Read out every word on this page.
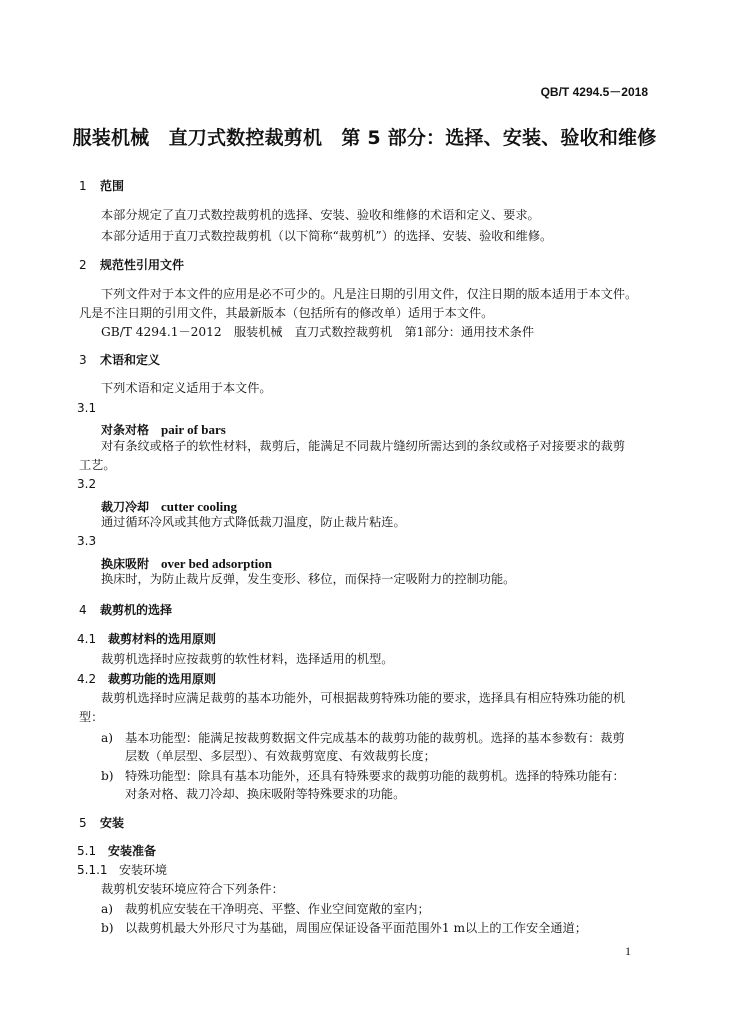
QB/T 4294.5－2018
服装机械　直刀式数控裁剪机　第 5 部分：选择、安装、验收和维修
1 范围
本部分规定了直刀式数控裁剪机的选择、安装、验收和维修的术语和定义、要求。
本部分适用于直刀式数控裁剪机（以下简称“裁剪机”）的选择、安装、验收和维修。
2 规范性引用文件
下列文件对于本文件的应用是必不可少的。凡是注日期的引用文件，仅注日期的版本适用于本文件。
凡是不注日期的引用文件，其最新版本（包括所有的修改单）适用于本文件。
GB/T 4294.1－2012　服装机械　直刀式数控裁剪机　第1部分：通用技术条件
3 术语和定义
下列术语和定义适用于本文件。
3.1
对条对格 pair of bars
对有条纹或格子的软性材料，裁剪后，能满足不同裁片缝纫所需达到的条纹或格子对接要求的裁剪
工艺。
3.2
裁刀冷却 cutter cooling
通过循环冷风或其他方式降低裁刀温度，防止裁片粘连。
3.3
换床吸附 over bed adsorption
换床时，为防止裁片反弹，发生变形、移位，而保持一定吸附力的控制功能。
4 裁剪机的选择
4.1 裁剪材料的选用原则
裁剪机选择时应按裁剪的软性材料，选择适用的机型。
4.2 裁剪功能的选用原则
裁剪机选择时应满足裁剪的基本功能外，可根据裁剪特殊功能的要求，选择具有相应特殊功能的机
型：
a) 基本功能型：能满足按裁剪数据文件完成基本的裁剪功能的裁剪机。选择的基本参数有：裁剪
层数（单层型、多层型）、有效裁剪宽度、有效裁剪长度；
b) 特殊功能型：除具有基本功能外，还具有特殊要求的裁剪功能的裁剪机。选择的特殊功能有：
对条对格、裁刀冷却、换床吸附等特殊要求的功能。
5 安装
5.1 安装准备
5.1.1 安装环境
裁剪机安装环境应符合下列条件：
a) 裁剪机应安装在干净明亮、平整、作业空间宽敞的室内；
b) 以裁剪机最大外形尺寸为基础，周围应保证设备平面范围外1 m以上的工作安全通道；
1
